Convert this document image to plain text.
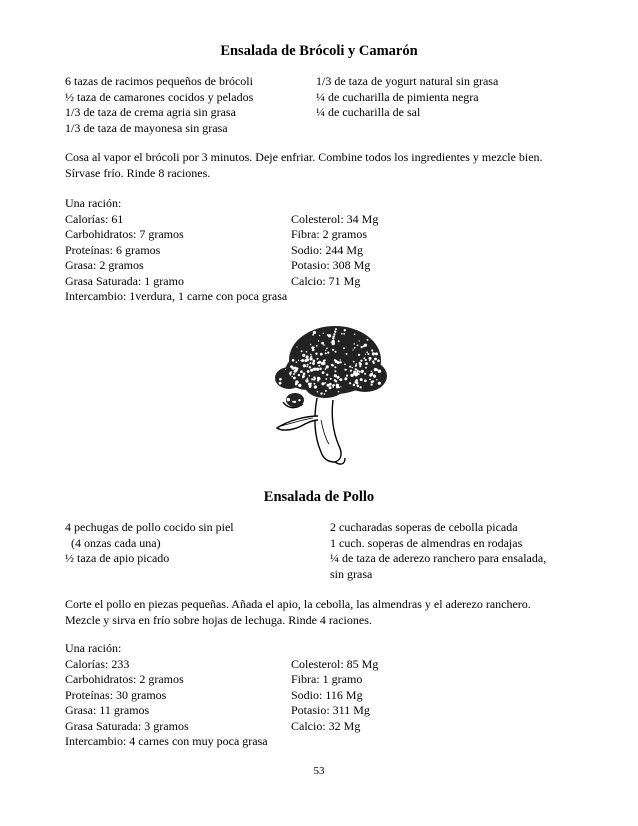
Ensalada de Brócoli y Camarón
6 tazas de racimos pequeños de brócoli
½ taza de camarones cocidos y pelados
1/3 de taza de crema agria sin grasa
1/3 de taza de mayonesa sin grasa
1/3 de taza de yogurt natural sin grasa
¼ de cucharilla de pimienta negra
¼ de cucharilla de sal
Cosa al vapor el brócoli por 3 minutos. Deje enfriar. Combine todos los ingredientes y mezcle bien.
Sírvase frío. Rinde 8 raciones.
Una ración:
Calorías: 61
Carbohidratos: 7 gramos
Proteínas: 6 gramos
Grasa: 2 gramos
Grasa Saturada: 1 gramo
Intercambio: 1verdura, 1 carne con poca grasa
Colesterol: 34 Mg
Fibra: 2 gramos
Sodio: 244 Mg
Potasio: 308 Mg
Calcio: 71 Mg
Ensalada de Pollo
4 pechugas de pollo cocido sin piel
(4 onzas cada una)
½ taza de apio picado
2 cucharadas soperas de cebolla picada
1 cuch. soperas de almendras en rodajas
¼ de taza de aderezo ranchero para ensalada,
sin grasa
Corte el pollo en piezas pequeñas. Añada el apio, la cebolla, las almendras y el aderezo ranchero.
Mezcle y sirva en frío sobre hojas de lechuga. Rinde 4 raciones.
Una ración:
Calorías: 233
Carbohidratos: 2 gramos
Proteínas: 30 gramos
Grasa: 11 gramos
Grasa Saturada: 3 gramos
Intercambio: 4 carnes con muy poca grasa
Colesterol: 85 Mg
Fibra: 1 gramo
Sodio: 116 Mg
Potasio: 311 Mg
Calcio: 32 Mg
53
